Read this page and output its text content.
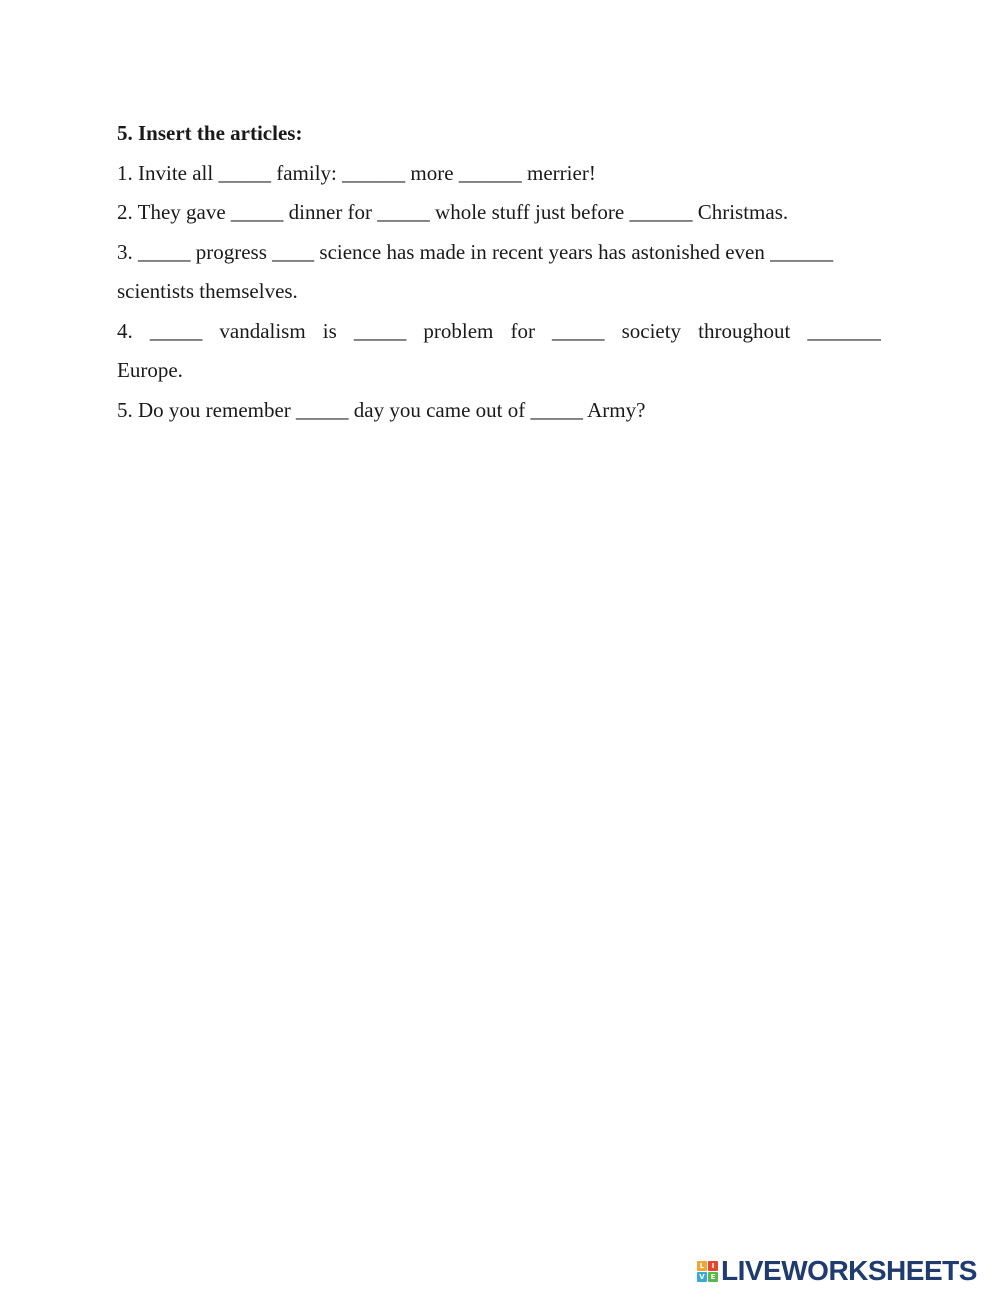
5. Insert the articles:

1. Invite all _____ family: ______ more ______ merrier!

2. They gave _____ dinner for _____ whole stuff just before ______ Christmas.

3. _____ progress ____ science has made in recent years has astonished even ______

scientists themselves.

4. _____ vandalism is _____ problem for _____ society throughout _______

Europe.

5. Do you remember _____ day you came out of _____ Army?

L	I
V E LIVEWORKSHEETS
